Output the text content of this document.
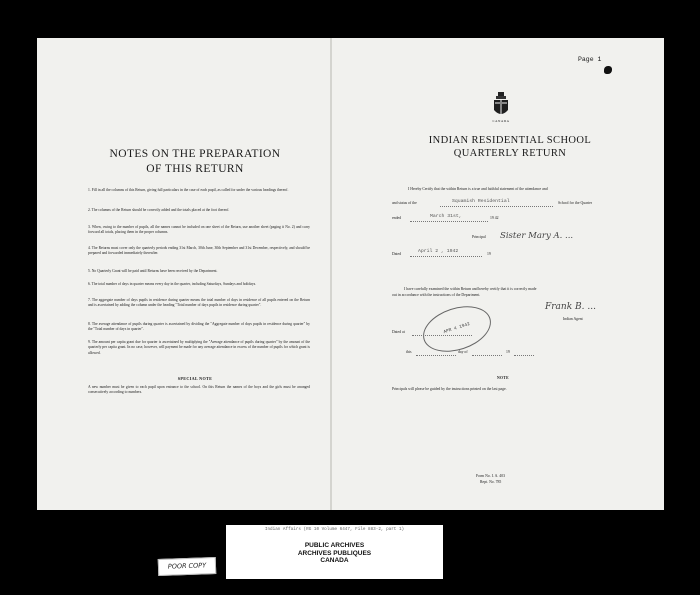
Page 1
NOTES ON THE PREPARATION
OF THIS RETURN
1. Fill in all the columns of this Return, giving full particulars in the case of each pupil, as called for under the various headings thereof.
2. The columns of the Return should be correctly added and the totals placed at the foot thereof.
3. When, owing to the number of pupils, all the names cannot be included on one sheet of the Return, use another sheet (paging it No. 2) and carry forward all totals, placing them in the proper columns.
4. The Returns must cover only the quarterly periods ending 31st March, 30th June, 30th September and 31st December, respectively, and should be prepared and forwarded immediately thereafter.
5. No Quarterly Grant will be paid until Returns have been received by the Department.
6. The total number of days in quarter means every day in the quarter, including Saturdays, Sundays and holidays.
7. The aggregate number of days pupils in residence during quarter means the total number of days in residence of all pupils entered on the Return and is ascertained by adding the column under the heading "Total number of days pupils in residence during quarter".
8. The average attendance of pupils during quarter is ascertained by dividing the "Aggregate number of days pupils in residence during quarter" by the "Total number of days in quarter".
9. The amount per capita grant due for quarter is ascertained by multiplying the "Average attendance of pupils during quarter" by the amount of the quarterly per capita grant. In no case, however, will payment be made for any average attendance in excess of the number of pupils for which grant is allowed.
SPECIAL NOTE
A new number must be given to each pupil upon entrance to the school. On this Return the names of the boys and the girls must be arranged consecutively according to numbers.
CANADA
INDIAN RESIDENTIAL SCHOOL
QUARTERLY RETURN
I Hereby Certify that the within Return is a true and faithful statement of the attendance and
and status of the	Squamish Residential	School for the Quarter
ended	March 31st,	19 42
Principal Sister Mary A. ...
Dated	April 2 , 1942	19
I have carefully examined the within Return and hereby certify that it is correctly made
out in accordance with the instructions of the Department.
Frank B. ...
Indian Agent
APR 4 1942
Dated at
this	day of	19
NOTE
Principals will please be guided by the instructions printed on the last page.
Form No. I. A. 403
Rept. No. 785
Indian Affairs (RG 10 Volume 6447, File 883-2, part 1)
PUBLIC ARCHIVES
ARCHIVES PUBLIQUES
CANADA
POOR COPY
